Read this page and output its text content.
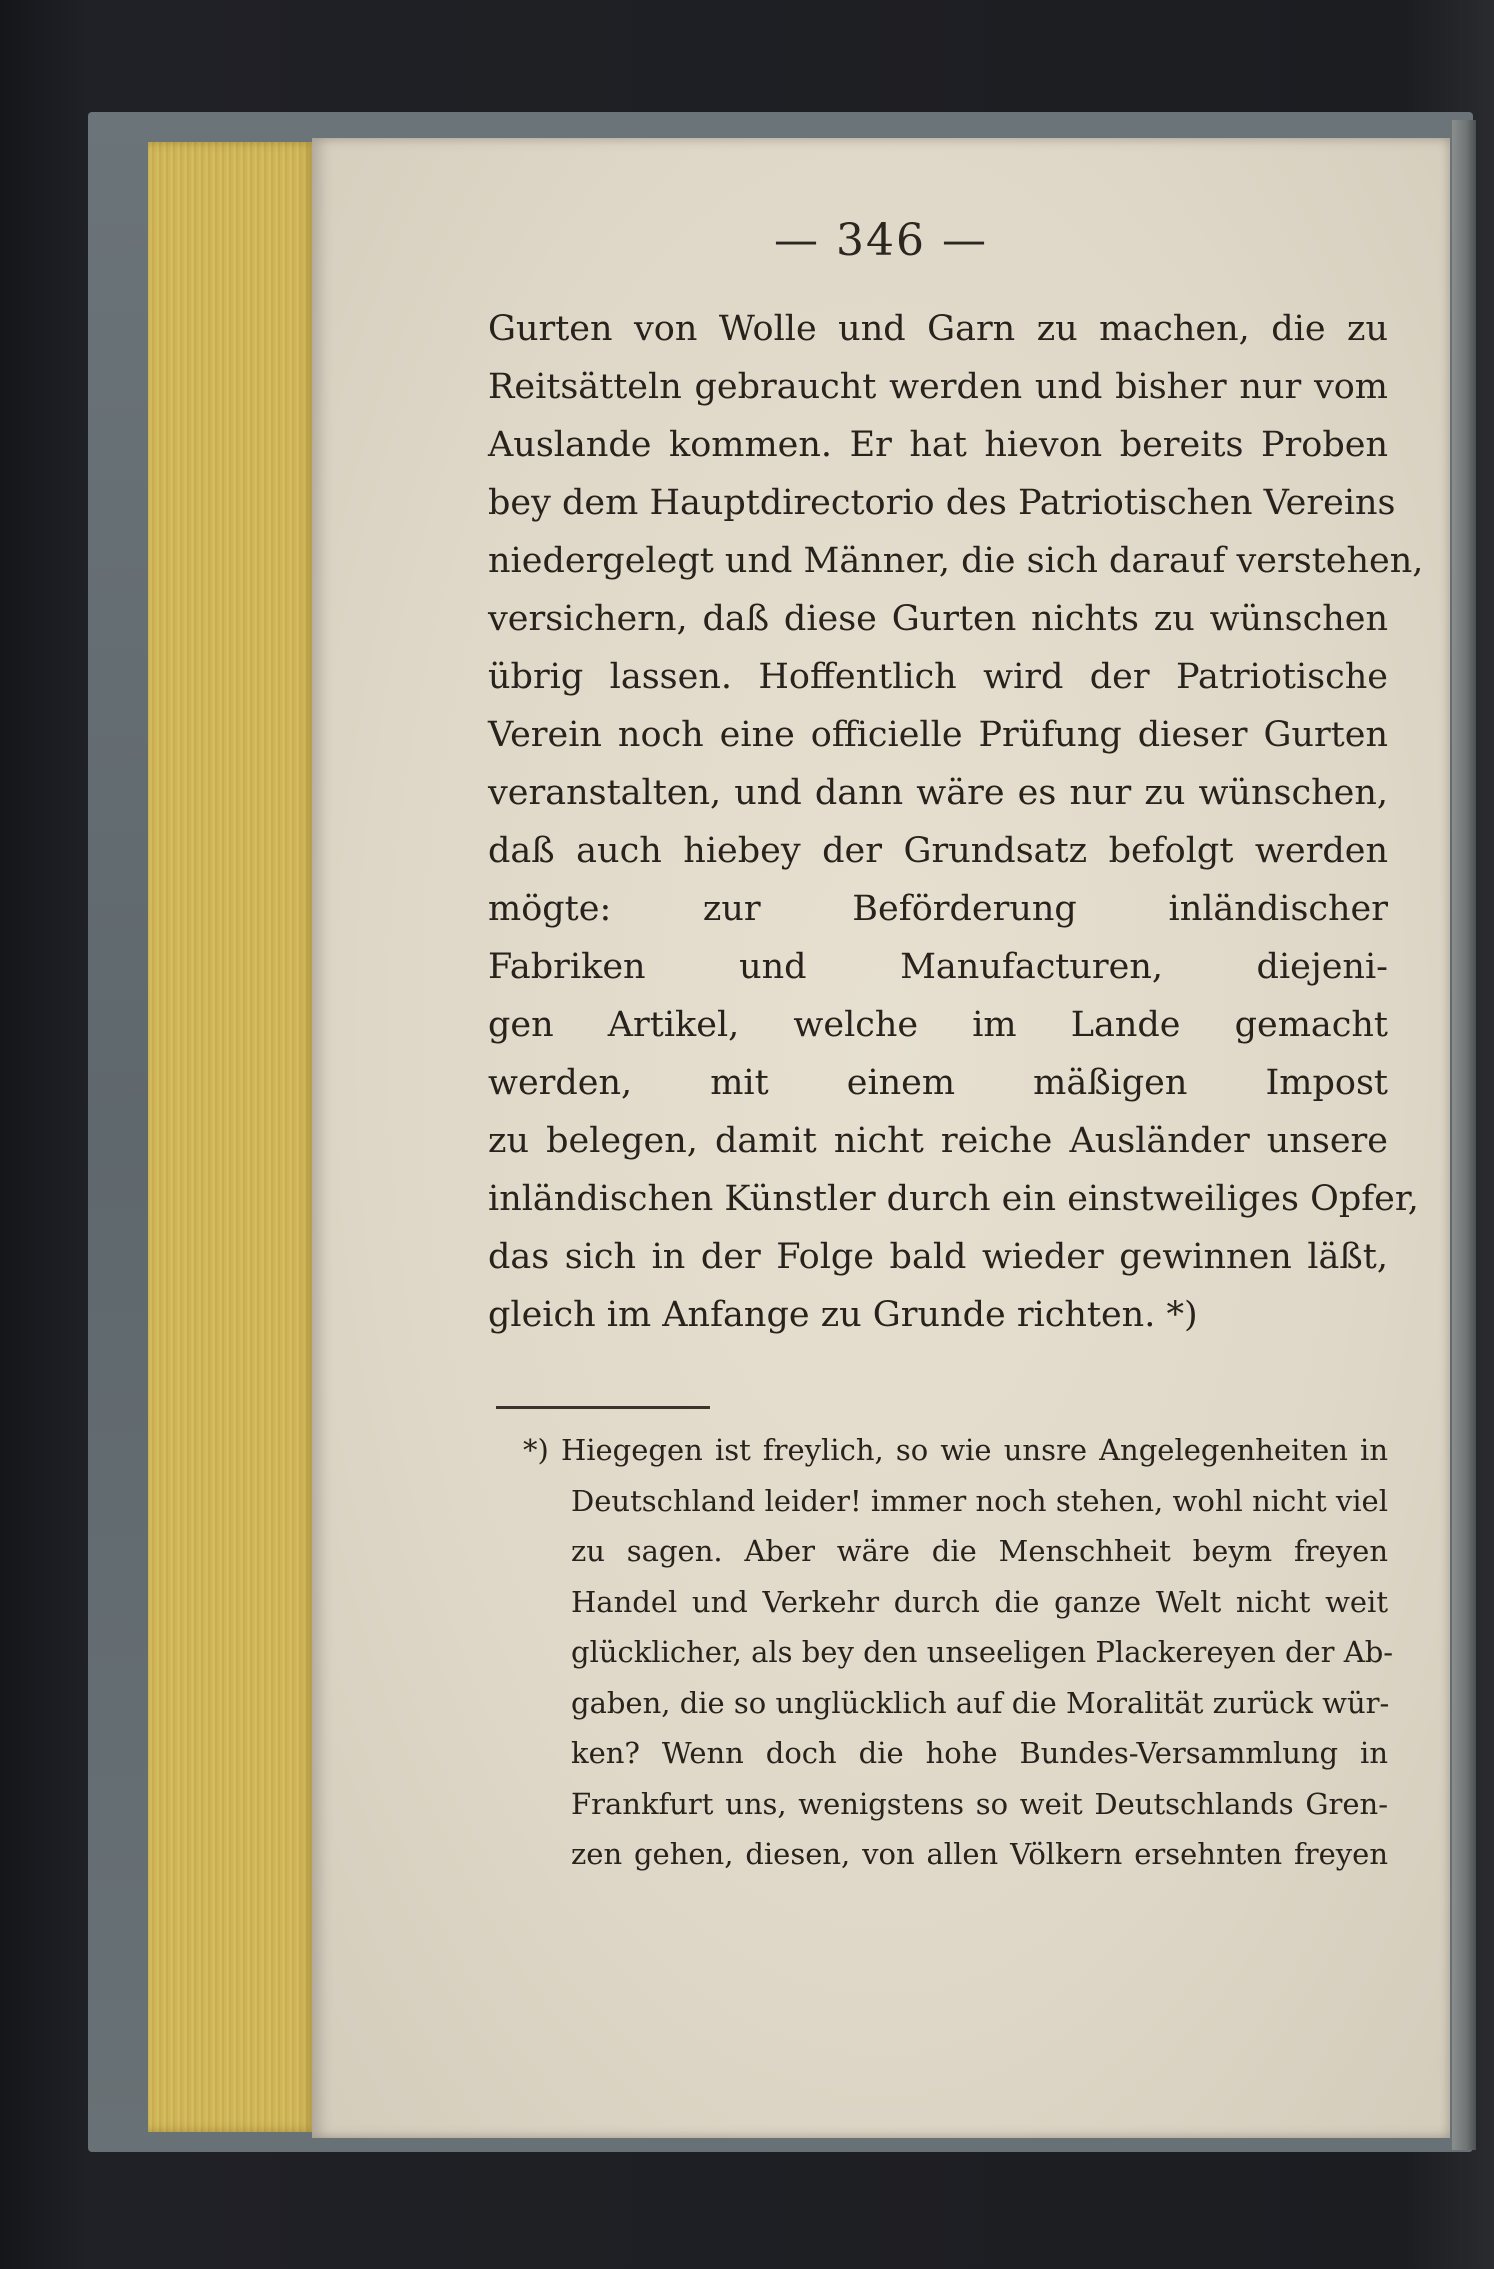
— 346 —
Gurten von Wolle und Garn zu machen, die zu
Reitsätteln gebraucht werden und bisher nur vom
Auslande kommen. Er hat hievon bereits Proben
bey dem Hauptdirectorio des Patriotischen Vereins
niedergelegt und Männer, die sich darauf verstehen,
versichern, daß diese Gurten nichts zu wünschen
übrig lassen. Hoffentlich wird der Patriotische
Verein noch eine officielle Prüfung dieser Gurten
veranstalten, und dann wäre es nur zu wünschen,
daß auch hiebey der Grundsatz befolgt werden
mögte: zur Beförderung inländischer
Fabriken und Manufacturen, diejeni-
gen Artikel, welche im Lande gemacht
werden, mit einem mäßigen Impost
zu belegen, damit nicht reiche Ausländer unsere
inländischen Künstler durch ein einstweiliges Opfer,
das sich in der Folge bald wieder gewinnen läßt,
gleich im Anfange zu Grunde richten. *)
*) Hiegegen ist freylich, so wie unsre Angelegenheiten in
Deutschland leider! immer noch stehen, wohl nicht viel
zu sagen. Aber wäre die Menschheit beym freyen
Handel und Verkehr durch die ganze Welt nicht weit
glücklicher, als bey den unseeligen Plackereyen der Ab-
gaben, die so unglücklich auf die Moralität zurück wür-
ken? Wenn doch die hohe Bundes-Versammlung in
Frankfurt uns, wenigstens so weit Deutschlands Gren-
zen gehen, diesen, von allen Völkern ersehnten freyen
